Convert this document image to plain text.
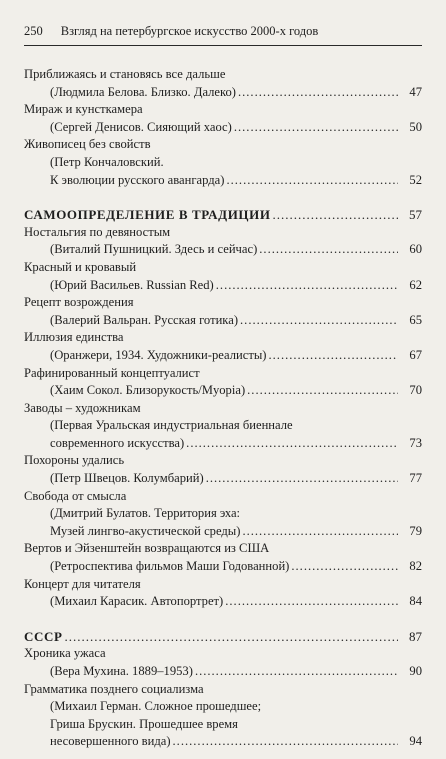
250 Взгляд на петербургское искусство 2000-х годов
Приближаясь и становясь все дальше
(Людмила Белова. Близко. Далеко) .....	47
Мираж и кунсткамера
(Сергей Денисов. Сияющий хаос) .....	50
Живописец без свойств
(Петр Кончаловский.
К эволюции русского авангарда) .....	52
САМООПРЕДЕЛЕНИЕ В ТРАДИЦИИ .....	57
Ностальгия по девяностым
(Виталий Пушницкий. Здесь и сейчас) .....	60
Красный и кровавый
(Юрий Васильев. Russian Red) .....	62
Рецепт возрождения
(Валерий Вальран. Русская готика) .....	65
Иллюзия единства
(Оранжери, 1934. Художники-реалисты) .....	67
Рафинированный концептуалист
(Хаим Сокол. Близорукость/Myopia) .....	70
Заводы – художникам
(Первая Уральская индустриальная биеннале
современного искусства) .....	73
Похороны удались
(Петр Швецов. Колумбарий) .....	77
Свобода от смысла
(Дмитрий Булатов. Территория эха:
Музей лингво-акустической среды) .....	79
Вертов и Эйзенштейн возвращаются из США
(Ретроспектива фильмов Маши Годованной) .....	82
Концерт для читателя
(Михаил Карасик. Автопортрет) .....	84
СССР .....	87
Хроника ужаса
(Вера Мухина. 1889–1953) .....	90
Грамматика позднего социализма
(Михаил Герман. Сложное прошедшее;
Гриша Брускин. Прошедшее время
несовершенного вида) .....	94
